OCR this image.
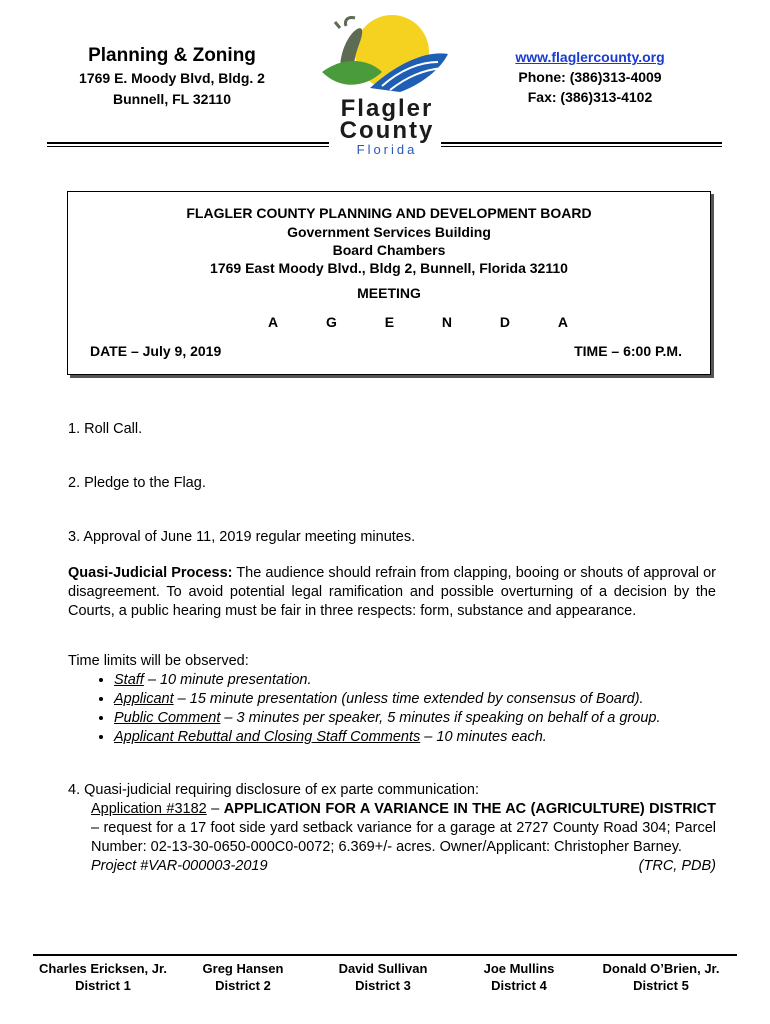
Planning & Zoning
1769 E. Moody Blvd, Bldg. 2
Bunnell, FL 32110	Flagler
County
Florida
www.flaglercounty.org
Phone: (386)313-4009
Fax: (386)313-4102
FLAGLER COUNTY PLANNING AND DEVELOPMENT BOARD
Government Services Building
Board Chambers
1769 East Moody Blvd., Bldg 2, Bunnell, Florida 32110
MEETING
A	G	E	N	D	A
DATE – July 9, 2019	TIME – 6:00 P.M.
1. Roll Call.
2. Pledge to the Flag.
3. Approval of June 11, 2019 regular meeting minutes.
Quasi-Judicial Process: The audience should refrain from clapping, booing or shouts of approval or disagreement. To avoid potential legal ramification and possible overturning of a decision by the Courts, a public hearing must be fair in three respects: form, substance and appearance.
Time limits will be observed:
• Staff – 10 minute presentation.
• Applicant – 15 minute presentation (unless time extended by consensus of Board).
• Public Comment – 3 minutes per speaker, 5 minutes if speaking on behalf of a group.
• Applicant Rebuttal and Closing Staff Comments – 10 minutes each.
4. Quasi-judicial requiring disclosure of ex parte communication:
Application #3182 – APPLICATION FOR A VARIANCE IN THE AC (AGRICULTURE) DISTRICT – request for a 17 foot side yard setback variance for a garage at 2727 County Road 304; Parcel Number: 02-13-30-0650-000C0-0072; 6.369+/- acres. Owner/Applicant: Christopher Barney.
Project #VAR-000003-2019	(TRC, PDB)
Charles Ericksen, Jr.
District 1
Greg Hansen
District 2
David Sullivan
District 3
Joe Mullins
District 4
Donald O’Brien, Jr.
District 5
